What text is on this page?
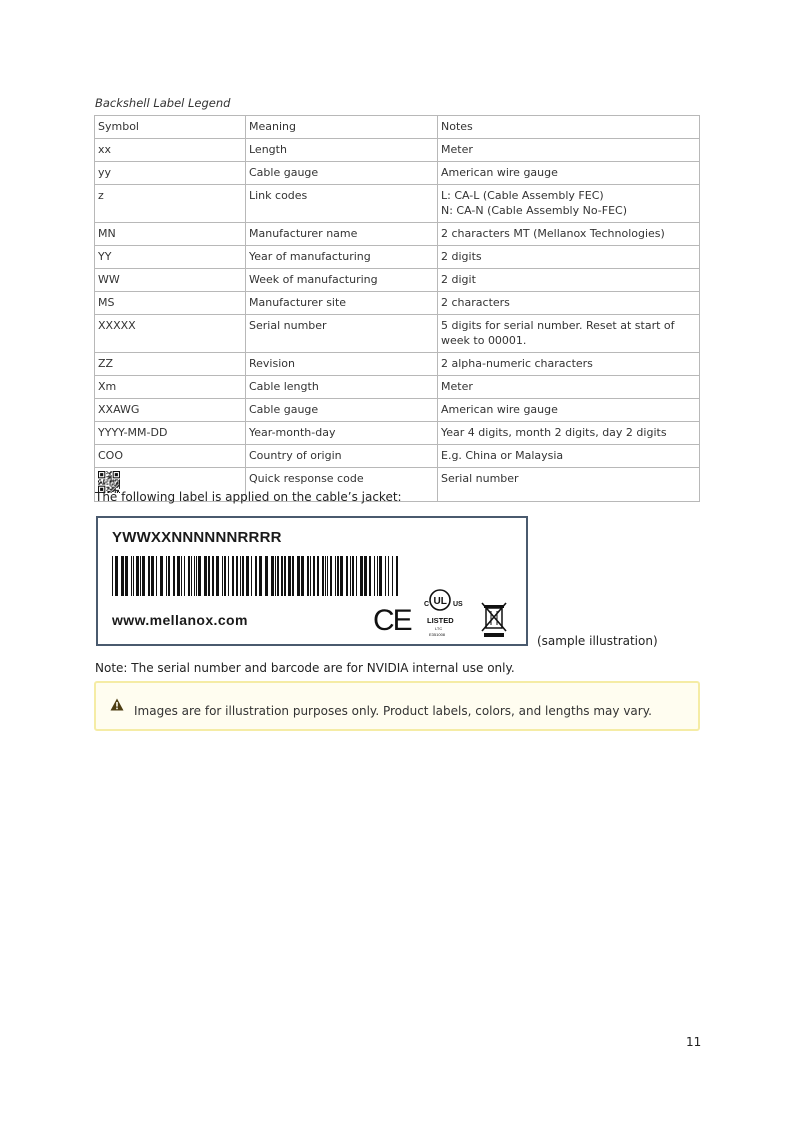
Backshell Label Legend
Symbol	Meaning	Notes
xx	Length	Meter
yy	Cable gauge	American wire gauge
z	Link codes	L: CA-L (Cable Assembly FEC)
N: CA-N (Cable Assembly No-FEC)
MN	Manufacturer name	2 characters MT (Mellanox Technologies)
YY	Year of manufacturing	2 digits
WW	Week of manufacturing	2 digit
MS	Manufacturer site	2 characters
XXXXX	Serial number	5 digits for serial number. Reset at start of week to 00001.
ZZ	Revision	2 alpha-numeric characters
Xm	Cable length	Meter
XXAWG	Cable gauge	American wire gauge
YYYY-MM-DD	Year-month-day	Year 4 digits, month 2 digits, day 2 digits
COO	Country of origin	E.g. China or Malaysia
	Quick response code	Serial number
The following label is applied on the cable’s jacket:
YWWXXNNNNNNRRRR
www.mellanox.com	CE C UL US
LISTED
LTC
E351008	(sample illustration)
Note: The serial number and barcode are for NVIDIA internal use only.
Images are for illustration purposes only. Product labels, colors, and lengths may vary.
11
